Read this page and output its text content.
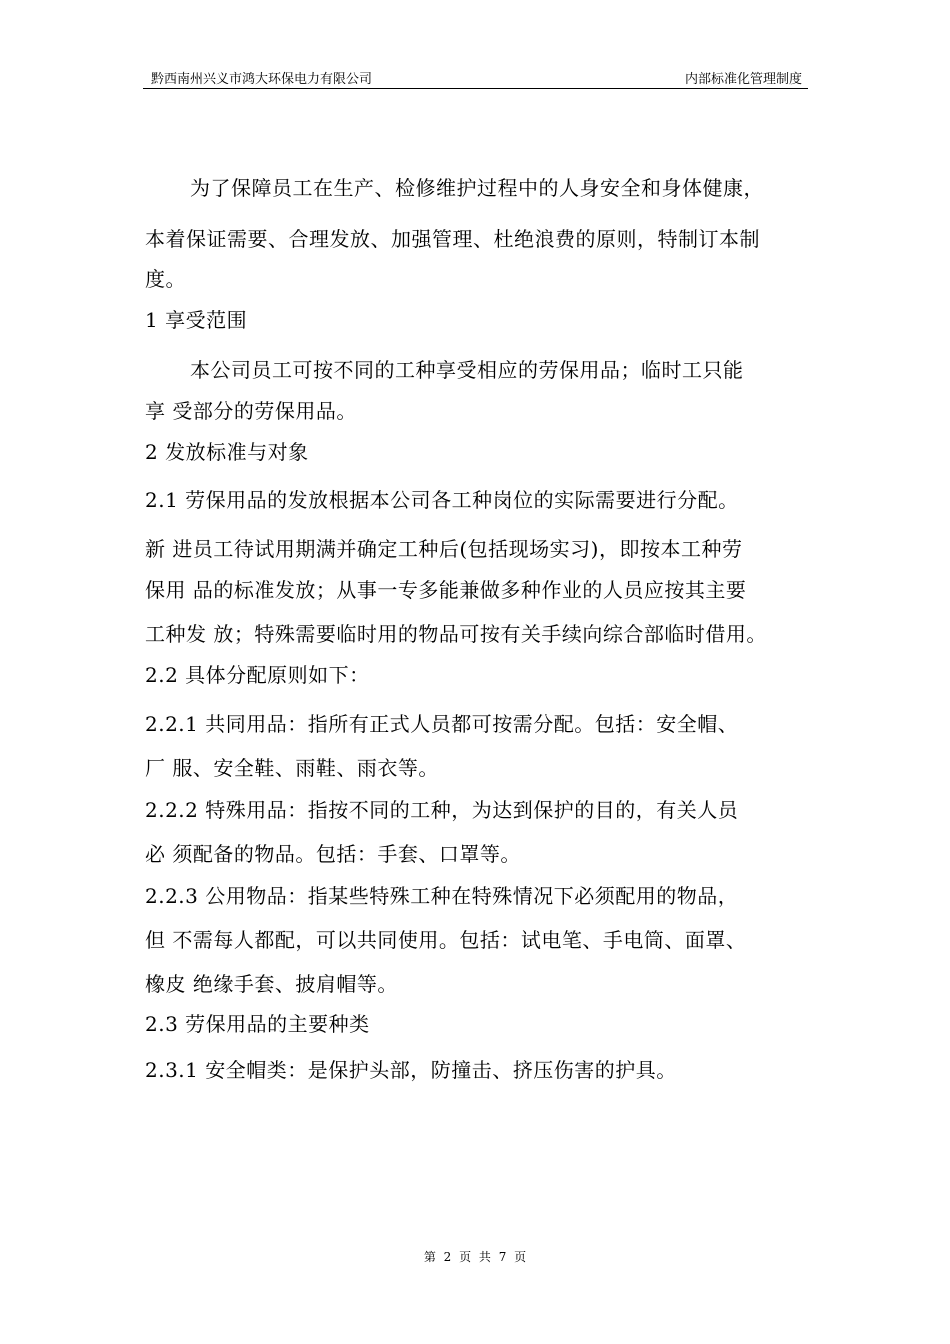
黔西南州兴义市鸿大环保电力有限公司	内部标准化管理制度
为了保障员工在生产、检修维护过程中的人身安全和身体健康，
本着保证需要、合理发放、加强管理、杜绝浪费的原则，特制订本制
度。
1 享受范围
本公司员工可按不同的工种享受相应的劳保用品；临时工只能
享 受部分的劳保用品。
2 发放标准与对象
2.1 劳保用品的发放根据本公司各工种岗位的实际需要进行分配。
新 进员工待试用期满并确定工种后(包括现场实习)，即按本工种劳
保用 品的标准发放；从事一专多能兼做多种作业的人员应按其主要
工种发 放；特殊需要临时用的物品可按有关手续向综合部临时借用。
2.2 具体分配原则如下：
2.2.1 共同用品：指所有正式人员都可按需分配。包括：安全帽、
厂 服、安全鞋、雨鞋、雨衣等。
2.2.2 特殊用品：指按不同的工种，为达到保护的目的，有关人员
必 须配备的物品。包括：手套、口罩等。
2.2.3 公用物品：指某些特殊工种在特殊情况下必须配用的物品，
但 不需每人都配，可以共同使用。包括：试电笔、手电筒、面罩、
橡皮 绝缘手套、披肩帽等。
2.3 劳保用品的主要种类
2.3.1 安全帽类：是保护头部，防撞击、挤压伤害的护具。
第 2 页 共 7 页
